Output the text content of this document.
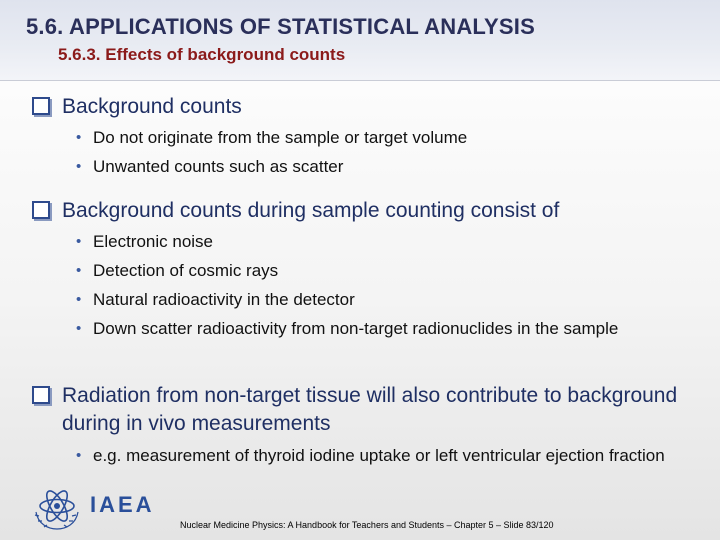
5.6. APPLICATIONS OF STATISTICAL ANALYSIS
5.6.3. Effects of background counts
Background counts
• Do not originate from the sample or target volume
• Unwanted counts such as scatter
Background counts during sample counting consist of
• Electronic noise
• Detection of cosmic rays
• Natural radioactivity in the detector
• Down scatter radioactivity from non-target radionuclides in the sample
Radiation from non-target tissue will also contribute to background during in vivo measurements
• e.g. measurement of thyroid iodine uptake or left ventricular ejection fraction
IAEA
Nuclear Medicine Physics: A Handbook for Teachers and Students – Chapter 5 – Slide 83/120
